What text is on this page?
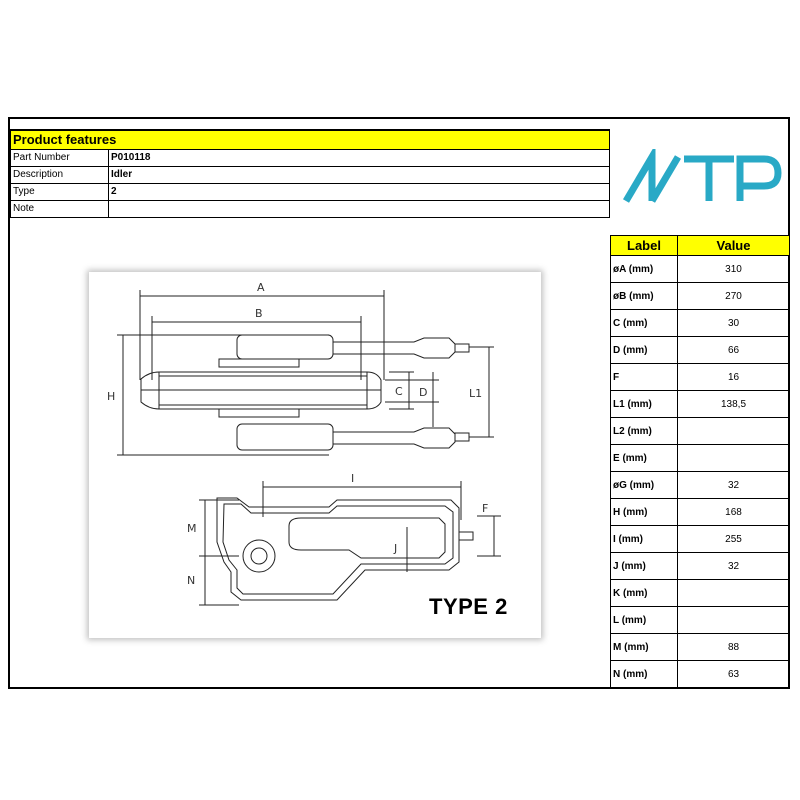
Product features	
Part Number	P010118
Description	Idler
Type	2
Note	
A
B
H	C D	L1
I
M
N
J
F
TYPE 2
Label	Value
øA (mm)	310
øB (mm)	270
C (mm)	30
D (mm)	66
F	16
L1 (mm)	138,5
L2 (mm)	
E (mm)	
øG (mm)	32
H (mm)	168
I (mm)	255
J (mm)	32
K (mm)	
L (mm)	
M (mm)	88
N (mm)	63
